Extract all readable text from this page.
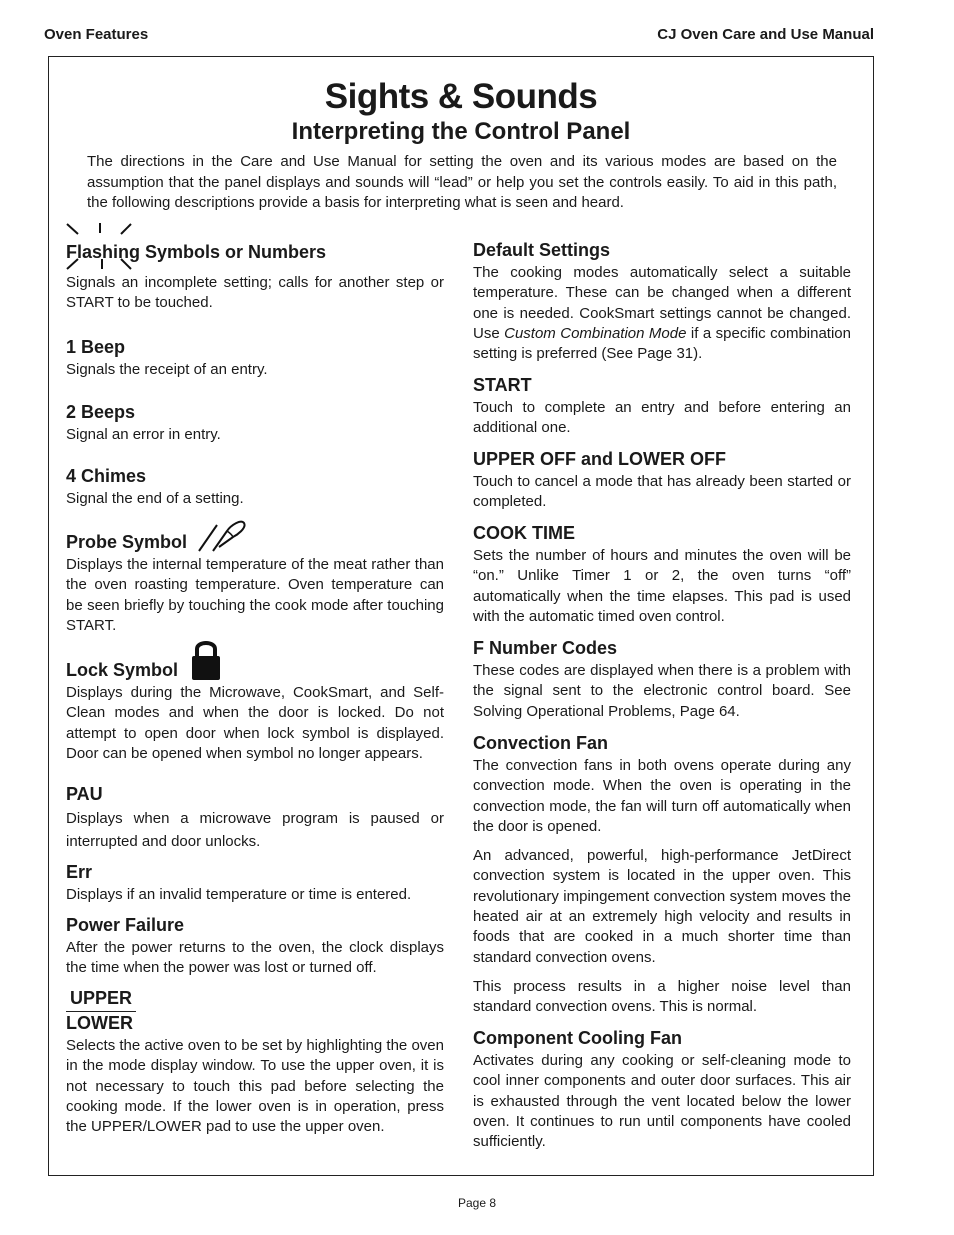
Oven Features	CJ Oven Care and Use Manual
Sights & Sounds
Interpreting the Control Panel
The directions in the Care and Use Manual for setting the oven and its various modes are based on the assumption that the panel displays and sounds will “lead” or help you set the controls easily. To aid in this path, the following descriptions provide a basis for interpreting what is seen and heard.
Flashing Symbols or Numbers

Signals an incomplete setting; calls for another step or START to be touched.

1 Beep

Signals the receipt of an entry.

2 Beeps

Signal an error in entry.

4 Chimes

Signal the end of a setting.

Probe Symbol

Displays the internal temperature of the meat rather than the oven roasting temperature. Oven temperature can be seen briefly by touching the cook mode after touching START.

Lock Symbol

Displays during the Microwave, CookSmart, and Self-Clean modes and when the door is locked. Do not attempt to open door when lock symbol is displayed. Door can be opened when symbol no longer appears.

PAU

Displays when a microwave program is paused or interrupted and door unlocks.

Err

Displays if an invalid temperature or time is entered.

Power Failure

After the power returns to the oven, the clock displays the time when the power was lost or turned off.

UPPER
LOWER

Selects the active oven to be set by highlighting the oven in the mode display window. To use the upper oven, it is not necessary to touch this pad before selecting the cooking mode. If the lower oven is in operation, press the UPPER/LOWER pad to use the upper oven.

Default Settings

The cooking modes automatically select a suitable temperature. These can be changed when a different one is needed. CookSmart settings cannot be changed. Use Custom Combination Mode if a specific combination setting is preferred (See Page 31).

START

Touch to complete an entry and before entering an additional one.

UPPER OFF and LOWER OFF

Touch to cancel a mode that has already been started or completed.

COOK TIME

Sets the number of hours and minutes the oven will be “on.” Unlike Timer 1 or 2, the oven turns “off” automatically when the time elapses. This pad is used with the automatic timed oven control.

F Number Codes

These codes are displayed when there is a problem with the signal sent to the electronic control board. See Solving Operational Problems, Page 64.

Convection Fan

The convection fans in both ovens operate during any convection mode. When the oven is operating in the convection mode, the fan will turn off automatically when the door is opened.

An advanced, powerful, high-performance JetDirect convection system is located in the upper oven. This revolutionary impingement convection system moves the heated air at an extremely high velocity and results in foods that are cooked in a much shorter time than standard convection ovens.

This process results in a higher noise level than standard convection ovens. This is normal.

Component Cooling Fan

Activates during any cooking or self-cleaning mode to cool inner components and outer door surfaces. This air is exhausted through the vent located below the lower oven. It continues to run until components have cooled sufficiently.

Page 8
